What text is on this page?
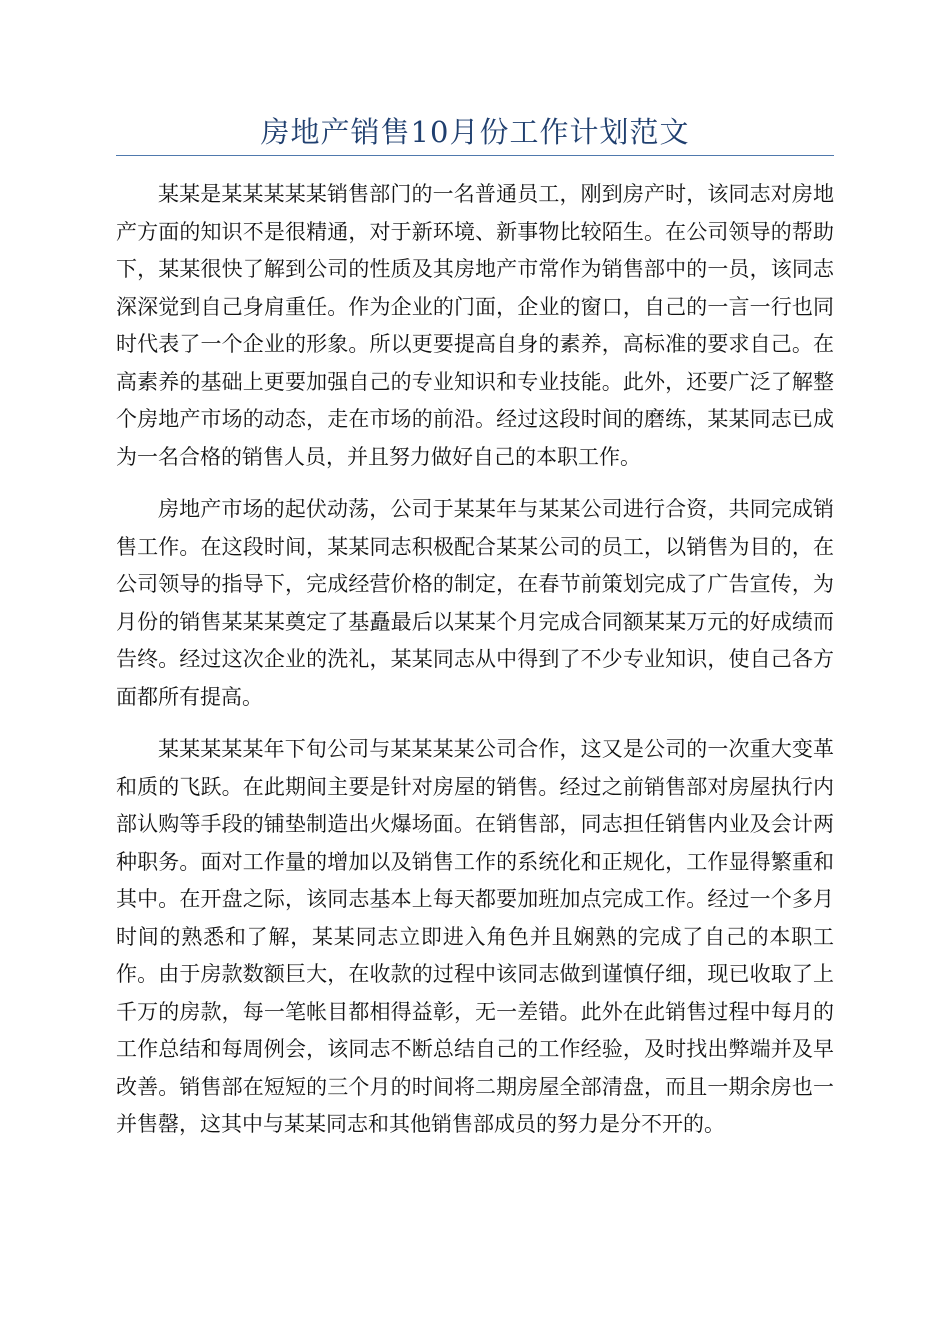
房地产销售10月份工作计划范文

某某是某某某某某销售部门的一名普通员工，刚到房产时，该同志对房地产方面的知识不是很精通，对于新环境、新事物比较陌生。在公司领导的帮助下，某某很快了解到公司的性质及其房地产市常作为销售部中的一员，该同志深深觉到自己身肩重任。作为企业的门面，企业的窗口，自己的一言一行也同时代表了一个企业的形象。所以更要提高自身的素养，高标准的要求自己。在高素养的基础上更要加强自己的专业知识和专业技能。此外，还要广泛了解整个房地产市场的动态，走在市场的前沿。经过这段时间的磨练，某某同志已成为一名合格的销售人员，并且努力做好自己的本职工作。

房地产市场的起伏动荡，公司于某某年与某某公司进行合资，共同完成销售工作。在这段时间，某某同志积极配合某某公司的员工，以销售为目的，在公司领导的指导下，完成经营价格的制定，在春节前策划完成了广告宣传，为月份的销售某某某奠定了基矗最后以某某个月完成合同额某某万元的好成绩而告终。经过这次企业的洗礼，某某同志从中得到了不少专业知识，使自己各方面都所有提高。

某某某某某年下旬公司与某某某某公司合作，这又是公司的一次重大变革和质的飞跃。在此期间主要是针对房屋的销售。经过之前销售部对房屋执行内部认购等手段的铺垫制造出火爆场面。在销售部，同志担任销售内业及会计两种职务。面对工作量的增加以及销售工作的系统化和正规化，工作显得繁重和其中。在开盘之际，该同志基本上每天都要加班加点完成工作。经过一个多月时间的熟悉和了解，某某同志立即进入角色并且娴熟的完成了自己的本职工作。由于房款数额巨大，在收款的过程中该同志做到谨慎仔细，现已收取了上千万的房款，每一笔帐目都相得益彰，无一差错。此外在此销售过程中每月的工作总结和每周例会，该同志不断总结自己的工作经验，及时找出弊端并及早改善。销售部在短短的三个月的时间将二期房屋全部清盘，而且一期余房也一并售罄，这其中与某某同志和其他销售部成员的努力是分不开的。
